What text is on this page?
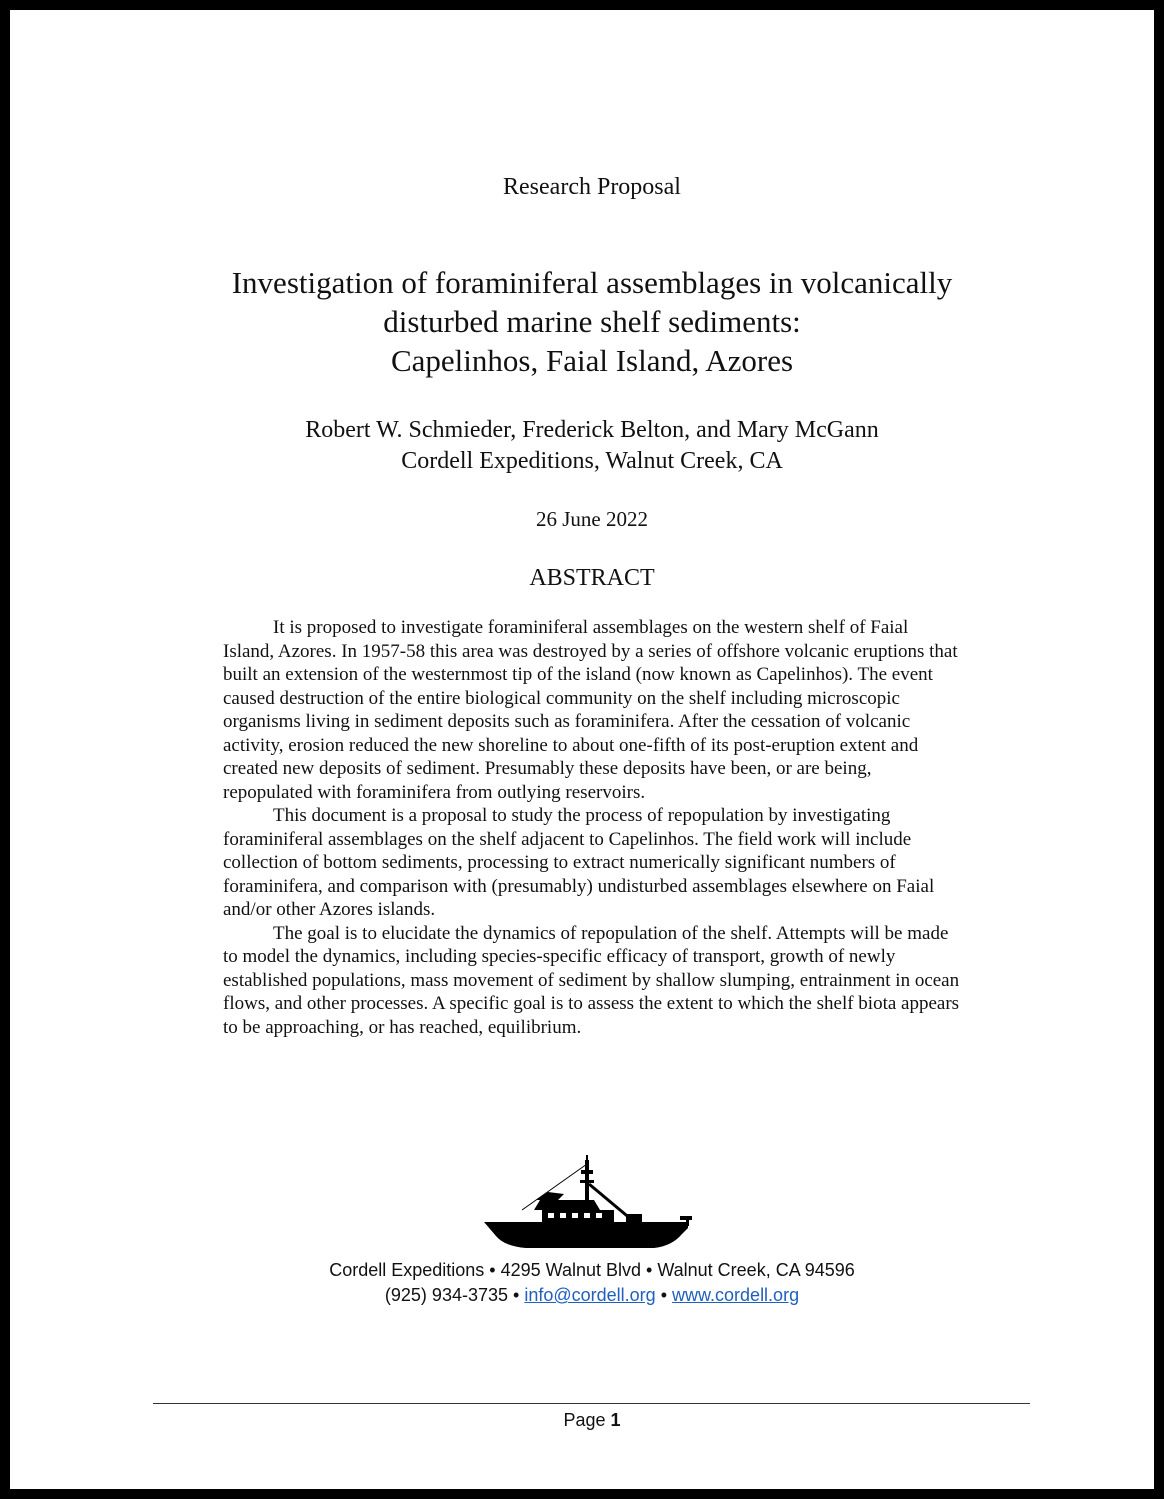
Research Proposal
Investigation of foraminiferal assemblages in volcanically
disturbed marine shelf sediments:
Capelinhos, Faial Island, Azores
Robert W. Schmieder, Frederick Belton, and Mary McGann
Cordell Expeditions, Walnut Creek, CA
26 June 2022
ABSTRACT

It is proposed to investigate foraminiferal assemblages on the western shelf of Faial Island, Azores. In 1957-58 this area was destroyed by a series of offshore volcanic eruptions that built an extension of the westernmost tip of the island (now known as Capelinhos). The event caused destruction of the entire biological community on the shelf including microscopic organisms living in sediment deposits such as foraminifera. After the cessation of volcanic activity, erosion reduced the new shoreline to about one-fifth of its post-eruption extent and created new deposits of sediment. Presumably these deposits have been, or are being, repopulated with foraminifera from outlying reservoirs.

This document is a proposal to study the process of repopulation by investigating foraminiferal assemblages on the shelf adjacent to Capelinhos. The field work will include collection of bottom sediments, processing to extract numerically significant numbers of foraminifera, and comparison with (presumably) undisturbed assemblages elsewhere on Faial and/or other Azores islands.

The goal is to elucidate the dynamics of repopulation of the shelf. Attempts will be made to model the dynamics, including species-specific efficacy of transport, growth of newly established populations, mass movement of sediment by shallow slumping, entrainment in ocean flows, and other processes. A specific goal is to assess the extent to which the shelf biota appears to be approaching, or has reached, equilibrium.

Cordell Expeditions • 4295 Walnut Blvd • Walnut Creek, CA 94596
(925) 934-3735 • info@cordell.org • www.cordell.org
Page 1
